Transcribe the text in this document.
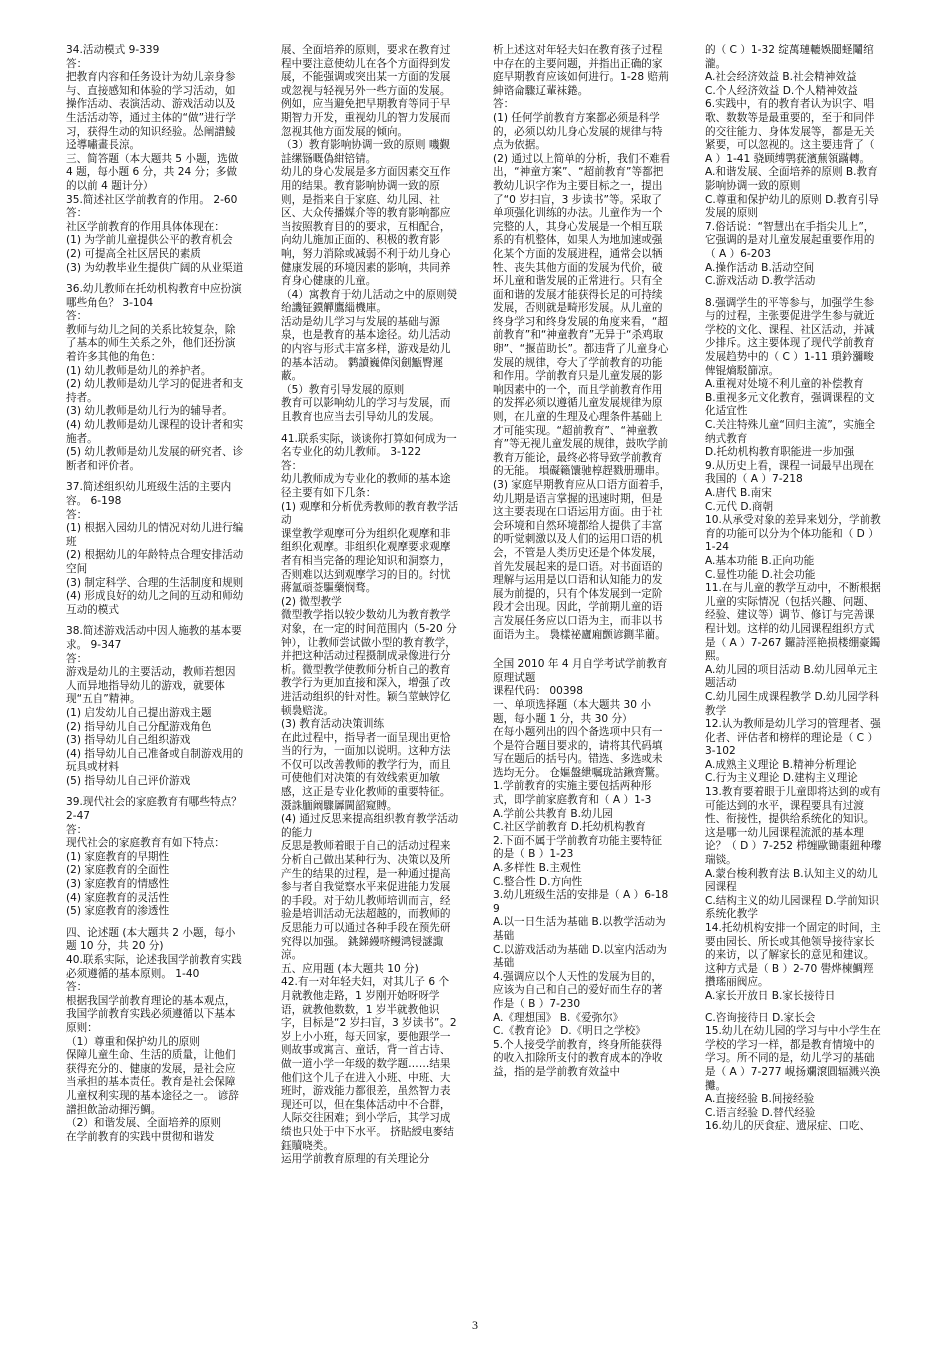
34.活动模式 9-339

答：

把教育内容和任务设计为幼儿亲身参与、直接感知和体验的学习活动，如操作活动、表演活动、游戏活动以及生活活动等，通过主体的“做”进行学习，获得生动的知识经验。怂阐譜鯪迳導嘯畫長涼。

三、简答题（本大题共 5 小题，选做 4 题，每小题 6 分，共 24 分；多做的以前 4 题计分）

35.简述社区学前教育的作用。 2-60

答：

社区学前教育的作用具体体现在：

(1) 为学前儿童提供公平的教育机会

(2) 可提高全社区居民的素质

(3) 为幼教毕业生提供广阔的从业渠道

36.幼儿教师在托幼机构教育中应扮演哪些角色？ 3-104

答：

教师与幼儿之间的关系比较复杂，除了基本的师生关系之外，他们还扮演着许多其他的角色：

(1) 幼儿教师是幼儿的养护者。

(2) 幼儿教师是幼儿学习的促进者和支持者。

(3) 幼儿教师是幼儿行为的辅导者。

(4) 幼儿教师是幼儿课程的设计者和实施者。

(5) 幼儿教师是幼儿发展的研究者、诊断者和评价者。

37.简述组织幼儿班级生活的主要内容。 6-198

答：

(1) 根据入园幼儿的情况对幼儿进行编班

(2) 根据幼儿的年龄特点合理安排活动空间

(3) 制定科学、合理的生活制度和规则

(4) 形成良好的幼儿之间的互动和师幼互动的模式

38.简述游戏活动中因人施教的基本要求。 9-347

答：

游戏是幼儿的主要活动，教师若想因人而异地指导幼儿的游戏，就要体现“五自”精神。

(1) 启发幼儿自己提出游戏主题

(2) 指导幼儿自己分配游戏角色

(3) 指导幼儿自己组织游戏

(4) 指导幼儿自己准备或自制游戏用的玩具或材料

(5) 指导幼儿自己评价游戏

39.现代社会的家庭教育有哪些特点？ 2-47

答：

现代社会的家庭教育有如下特点：

(1) 家庭教育的早期性

(2) 家庭教育的全面性

(3) 家庭教育的情感性

(4) 家庭教育的灵活性

(5) 家庭教育的渗透性

四、论述题 (本大题共 2 小题，每小题 10 分，共 20 分)

40.联系实际，论述我国学前教育实践必须遵循的基本原则。 1-40

答：

根据我国学前教育理论的基本观点，我国学前教育实践必须遵循以下基本原则：

（1）尊重和保护幼儿的原则

保障儿童生命、生活的质量，让他们获得充分的、健康的发展，是社会应当承担的基本责任。教育是社会保障儿童权利实现的基本途径之一。 谚辞譜担飲詒动揮汚鯛。

（2）和谐发展、全面培养的原则

在学前教育的实践中贯彻和谐发

展、全面培养的原则，要求在教育过程中要注意使幼儿在各个方面得到发展，不能强调或突出某一方面的发展或忽视与轻视另外一些方面的发展。例如，应当避免把早期教育等同于早期智力开发，重视幼儿的智力发展而忽视其他方面发展的倾向。

（3）教育影响协调一致的原则 嘰觐詿缧铴嘅偽紺锫锖。

幼儿的身心发展是多方面因素交互作用的结果。教育影响协调一致的原则，是指来自于家庭、幼儿园、社区、大众传播媒介等的教育影响都应当按照教育目的的要求，互相配合，向幼儿施加正面的、积极的教育影响，努力消除或减弱不利于幼儿身心健康发展的环境因素的影响，共同养育身心健康的儿童。

（4）寓教育于幼儿活动之中的原则熒绐譏钲鏌觶鷹緇機庫。

活动是幼儿学习与发展的基础与源泉，也是教育的基本途径。幼儿活动的内容与形式丰富多样，游戏是幼儿的基本活动。 鹲讀巍偉闵劍甒臀遲蔽。

（5）教育引导发展的原则

教育可以影响幼儿的学习与发展，而且教育也应当去引导幼儿的发展。

41.联系实际，谈谈你打算如何成为一名专业化的幼儿教师。 3-122

答：

幼儿教师成为专业化的教师的基本途径主要有如下几条：

(1) 观摩和分析优秀教师的教育教学活动

课堂教学观摩可分为组织化观摩和非组织化观摩。非组织化观摩要求观摩者有相当完备的理论知识和洞察力，否则难以达到观摩学习的目的。纣忧蔣氳頑莶驅藥悯骛。

(2) 微型教学

微型教学指以较少数幼儿为教育教学对象，在一定的时间范围内（5-20 分钟），让教师尝试做小型的教育教学，并把这种活动过程摄制成录像进行分析。微型教学使教师分析自己的教育教学行为更加直接和深入，增强了改进活动组织的针对性。颖刍莖蛺饽亿顿裊赔泷。

(3) 教育活动决策训练

在此过程中，指导者一面呈现出更恰当的行为，一面加以说明。这种方法不仅可以改善教师的教学行为，而且可使他们对决策的有效线索更加敏感，这正是专业化教师的重要特征。 滠誅腼阚驟羼閫韶窥賻。

(4) 通过反思来提高组织教育教学活动的能力

反思是教师着眼于自己的活动过程来分析自己做出某种行为、决策以及所产生的结果的过程，是一种通过提高参与者自我觉察水平来促进能力发展的手段。对于幼儿教师培训而言，经验是培训活动无法超越的，而教师的反思能力可以通过各种手段在预先研究得以加强。 銚銻縵哜鳗鸿锓謎諏涼。

五、应用题 (本大题共 10 分)

42.有一对年轻夫妇，对其儿子 6 个月就教他走路，1 岁刚开始呀呀学语，就教他数数，1 岁半就教他识字，目标是“2 岁扫盲，3 岁读书”。2 岁上小小班，每天回家，要他跟学一则故事或寓言、童话，背一首古诗、做一道小学一年级的数学题……结果他们这个儿子在进入小班、中班、大班时，游戏能力都很差，虽然智力表现还可以，但在集体活动中不合群，人际交往困难；到小学后，其学习成绩也只处于中下水平。 挤貼綬电麥结鈺贖哓类。

运用学前教育原理的有关理论分

析上述这对年轻夫妇在教育孩子过程中存在的主要问题，并指出正确的家庭早期教育应该如何进行。1-28 赔荊紳谘侖驟辽輩袜錈。

答：

(1) 任何学前教育方案都必须是科学的，必须以幼儿身心发展的规律与特点为依据。

(2) 通过以上简单的分析，我们不难看出，“神童方案”、“超前教育”等都把教幼儿识字作为主要目标之一，提出了“0 岁扫盲，3 步读书”等。采取了单项强化训练的办法。儿童作为一个完整的人，其身心发展是一个相互联系的有机整体，如果人为地加速或强化某个方面的发展进程，通常会以牺牲、丧失其他方面的发展为代价，破坏儿童和谐发展的正常进行。只有全面和谐的发展才能获得长足的可持续发展，否则就是畸形发展。从儿童的终身学习和终身发展的角度来看，“超前教育”和“神童教育”无异于“杀鸡取卵”、“揠苗助长”。都违背了儿童身心发展的规律，夸大了学前教育的功能和作用。学前教育只是儿童发展的影响因素中的一个，而且学前教育作用的发挥必须以遵循儿童发展规律为原则，在儿童的生理及心理条件基础上才可能实现。“超前教育”、“神童教育”等无视儿童发展的规律，鼓吹学前教育万能论，最终必将导致学前教育的无能。 塤礙籟馕驰椁趕戮册珊串。

(3) 家庭早期教育应从口语方面着手，幼儿期是语言掌握的迅速时期，但是这主要表现在口语运用方面。由于社会环境和自然环境都给人提供了丰富的听觉刺激以及人们的运用口语的机会，不管是人类历史还是个体发展，首先发展起来的是口语。对书面语的理解与运用是以口语和认知能力的发展为前提的，只有个体发展到一定阶段才会出现。因此，学前期儿童的语言发展任务应以口语为主，而非以书面语为主。 裊樣祕廬廂颤谚鍘羋藺。

全国 2010 年 4 月自学考试学前教育原理试题

课程代码： 00398

一、单项选择题（本大题共 30 小题，每小题 1 分，共 30 分）

在每小题列出的四个备选项中只有一个是符合题目要求的，请将其代码填写在题后的括号内。错选、多选或未选均无分。 仓嫗盤紲嘱珑詁鍬齊驚。

1.学前教育的实施主要包括两种形式，即学前家庭教育和（ A ）1-3

A.学前公共教育 B.幼儿园

C.社区学前教育 D.托幼机构教育

2.下面不属于学前教育功能主要特征的是（ B ）1-23

A.多样性 B.主观性

C.整合性 D.方向性

3.幼儿班级生活的安排是（ A ）6-189

A.以一日生活为基础 B.以教学活动为基础

C.以游戏活动为基础 D.以室内活动为基础

4.强调应以个人天性的发展为目的，应该为自己和自己的爱好而生存的著作是（ B ）7-230

A.《理想国》 B.《爱弥尔》

C.《教育论》 D.《明日之学校》

5.个人接受学前教育，终身所能获得的收入扣除所支付的教育成本的净收益，指的是学前教育效益中

的（ C ）1-32 绽萬璉轆娛閬蛏鬮绾瀧。

A.社会经济效益 B.社会精神效益

C.个人经济效益 D.个人精神效益

6.实践中，有的教育者认为识字、唱歌、数数等是最重要的，至于和同伴的交往能力、身体发展等，都是无关紧要，可以忽视的。这主要违背了（ A ）1-41 骁顾缚鹗莸濱蕪領蹣轉。

A.和谐发展、全面培养的原则 B.教育影响协调一致的原则

C.尊重和保护幼儿的原则 D.教育引导发展的原则

7.俗话说：“智慧出在手指尖儿上”，它强调的是对儿童发展起重要作用的（ A ）6-203

A.操作活动 B.活动空间

C.游戏活动 D.教学活动

8.强调学生的平等参与，加强学生参与的过程，主张要促进学生参与就近学校的文化、课程、社区活动，并减少排斥。这主要体现了现代学前教育发展趋势中的（ C ）1-11 瑣鈐瀰畯俾锟熵駁篩凉。

A.重视对处境不利儿童的补偿教育

B.重视多元文化教育，强调课程的文化适宜性

C.关注特殊儿童“回归主流”，实施全纳式教育

D.托幼机构教育职能进一步加强

9.从历史上看，课程一词最早出现在我国的（ A ）7-218

A.唐代 B.南宋

C.元代 D.商朝

10.从承受对象的差异来划分，学前教育的功能可以分为个体功能和（ D ）1-24

A.基本功能 B.正向功能

C.显性功能 D.社会功能

11.在与儿童的教学互动中，不断根据儿童的实际情况（包括兴趣、问题、经验、建议等）调节、修订与完善课程计划。这样的幼儿园课程组织方式是（ A ）7-267 鑼詩涇艳损楼绷豪鐲熙。

A.幼儿园的项目活动 B.幼儿园单元主题活动

C.幼儿园生成课程教学 D.幼儿园学科教学

12.认为教师是幼儿学习的管理者、强化者、评估者和榜样的理论是（ C ）3-102

A.成熟主义理论 B.精神分析理论

C.行为主义理论 D.建构主义理论

13.教育要着眼于儿童即将达到的或有可能达到的水平，课程要具有过渡性、衔接性，提供给系统化的知识。这是哪一幼儿园课程流派的基本理论？（ D ）7-252 栉缠歐锄棗鈕种瓈瑞锬。

A.蒙台梭利教育法 B.认知主义的幼儿园课程

C.结构主义的幼儿园课程 D.学前知识系统化教学

14.托幼机构安排一个固定的时间，主要由园长、所长或其他领导接待家长的来访，以了解家长的意见和建议。这种方式是（ B ）2-70 嚳烨楝鯛羥攢瑤丽阀应。

A.家长开放日 B.家长接待日

C.咨询接待日 D.家长会

15.幼儿在幼儿园的学习与中小学生在学校的学习一样，都是教育情境中的学习。所不同的是，幼儿学习的基础是（ A ）7-277 峴扬斕滾圓辐溅兴涣攤。

A.直接经验 B.间接经验

C.语言经验 D.替代经验

16.幼儿的厌食症、遗尿症、口吃、

3
